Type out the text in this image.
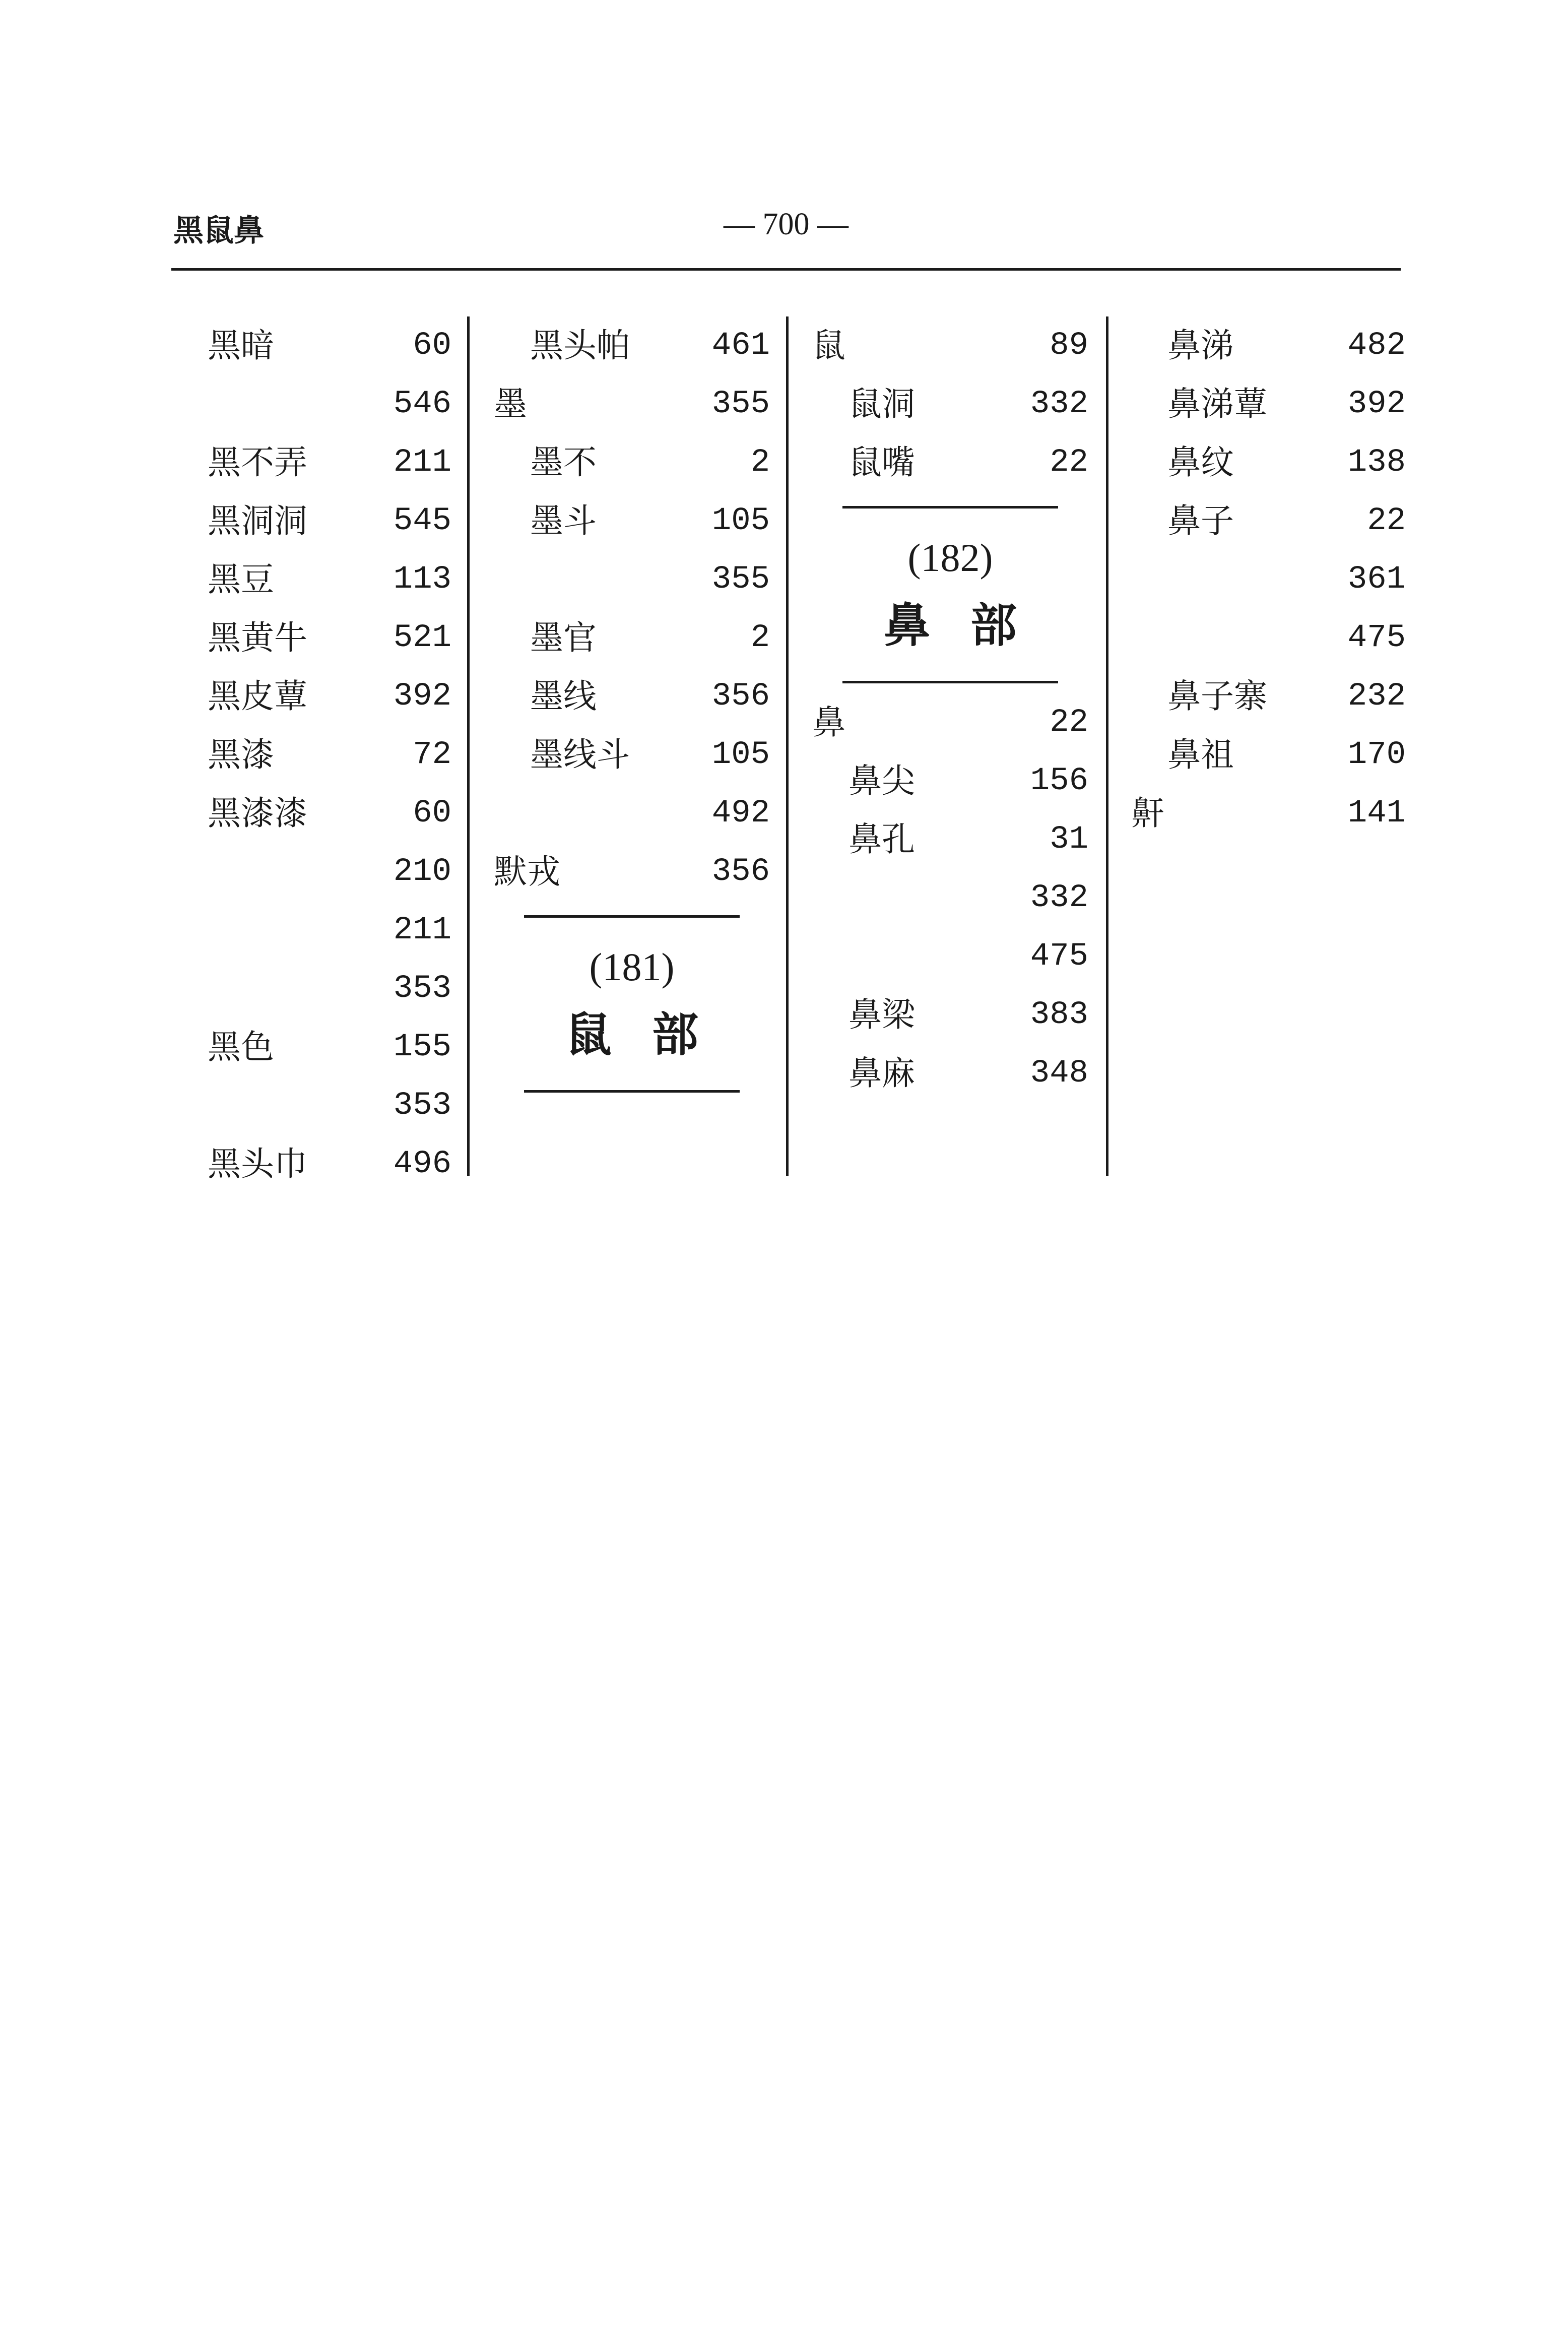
黑鼠鼻	— 700 —
黑暗	60
546
黑不弄	211
黑洞洞	545
黑豆	113
黑黄牛	521
黑皮蕈	392
黑漆	72
黑漆漆	60
210
211
353
黑色	155
353
黑头巾	496
黑头帕	461
墨	355
墨不	2
墨斗	105
355
墨官	2
墨线	356
墨线斗	105
492
默戎	356
(181)
鼠部
鼠	89
鼠洞	332
鼠嘴	22
(182)
鼻部
鼻	22
鼻尖	156
鼻孔	31
332
475
鼻梁	383
鼻麻	348
鼻涕	482
鼻涕蕈 392
鼻纹	138
鼻子	22
361
475
鼻子寨 232
鼻祖	170
鼾	141
